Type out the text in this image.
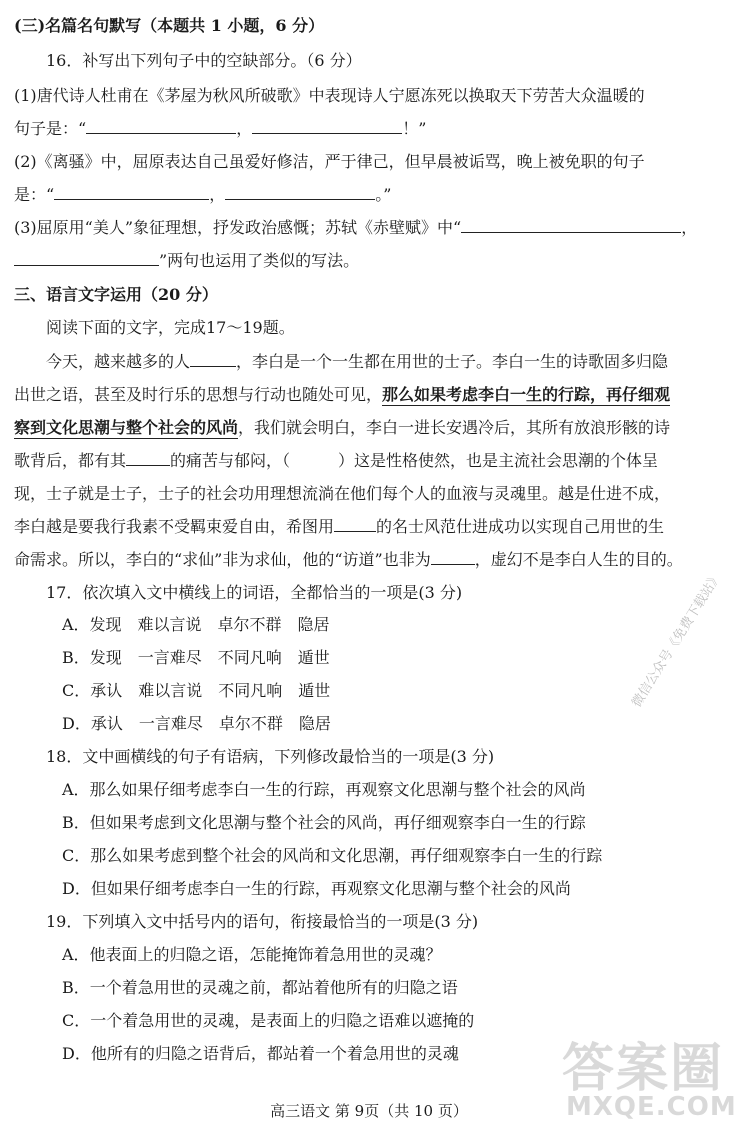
(三)名篇名句默写（本题共 1 小题，6 分）
16．补写出下列句子中的空缺部分。（6 分）
(1)唐代诗人杜甫在《茅屋为秋风所破歌》中表现诗人宁愿冻死以换取天下劳苦大众温暖的
句子是：“	，	！”
(2)《离骚》中，屈原表达自己虽爱好修洁，严于律己，但早晨被诟骂，晚上被免职的句子
是：“	，	。”
(3)屈原用“美人”象征理想，抒发政治感慨；苏轼《赤壁赋》中“	，
”两句也运用了类似的写法。
三、语言文字运用（20 分）
阅读下面的文字，完成17～19题。
今天，越来越多的人	，李白是一个一生都在用世的士子。李白一生的诗歌固多归隐
出世之语，甚至及时行乐的思想与行动也随处可见，那么如果考虑李白一生的行踪，再仔细观
察到文化思潮与整个社会的风尚，我们就会明白，李白一进长安遇冷后，其所有放浪形骸的诗
歌背后，都有其	的痛苦与郁闷，（	）这是性格使然，也是主流社会思潮的个体呈
现，士子就是士子，士子的社会功用理想流淌在他们每个人的血液与灵魂里。越是仕进不成，
李白越是要我行我素不受羁束爱自由，希图用	的名士风范仕进成功以实现自己用世的生
命需求。所以，李白的“求仙”非为求仙，他的“访道”也非为	，虚幻不是李白人生的目的。
17．依次填入文中横线上的词语，全都恰当的一项是(3 分)
A．发现　难以言说　卓尔不群　隐居
B．发现　一言难尽　不同凡响　遁世
C．承认　难以言说　不同凡响　遁世
D．承认　一言难尽　卓尔不群　隐居
18．文中画横线的句子有语病，下列修改最恰当的一项是(3 分)
A．那么如果仔细考虑李白一生的行踪，再观察文化思潮与整个社会的风尚
B．但如果考虑到文化思潮与整个社会的风尚，再仔细观察李白一生的行踪
C．那么如果考虑到整个社会的风尚和文化思潮，再仔细观察李白一生的行踪
D．但如果仔细考虑李白一生的行踪，再观察文化思潮与整个社会的风尚
19．下列填入文中括号内的语句，衔接最恰当的一项是(3 分)
A．他表面上的归隐之语，怎能掩饰着急用世的灵魂？
B．一个着急用世的灵魂之前，都站着他所有的归隐之语
C．一个着急用世的灵魂，是表面上的归隐之语难以遮掩的
D．他所有的归隐之语背后，都站着一个着急用世的灵魂
微信公众号《免费下载站》
答案圈
MXQE.COM
高三语文 第 9页（共 10 页）
